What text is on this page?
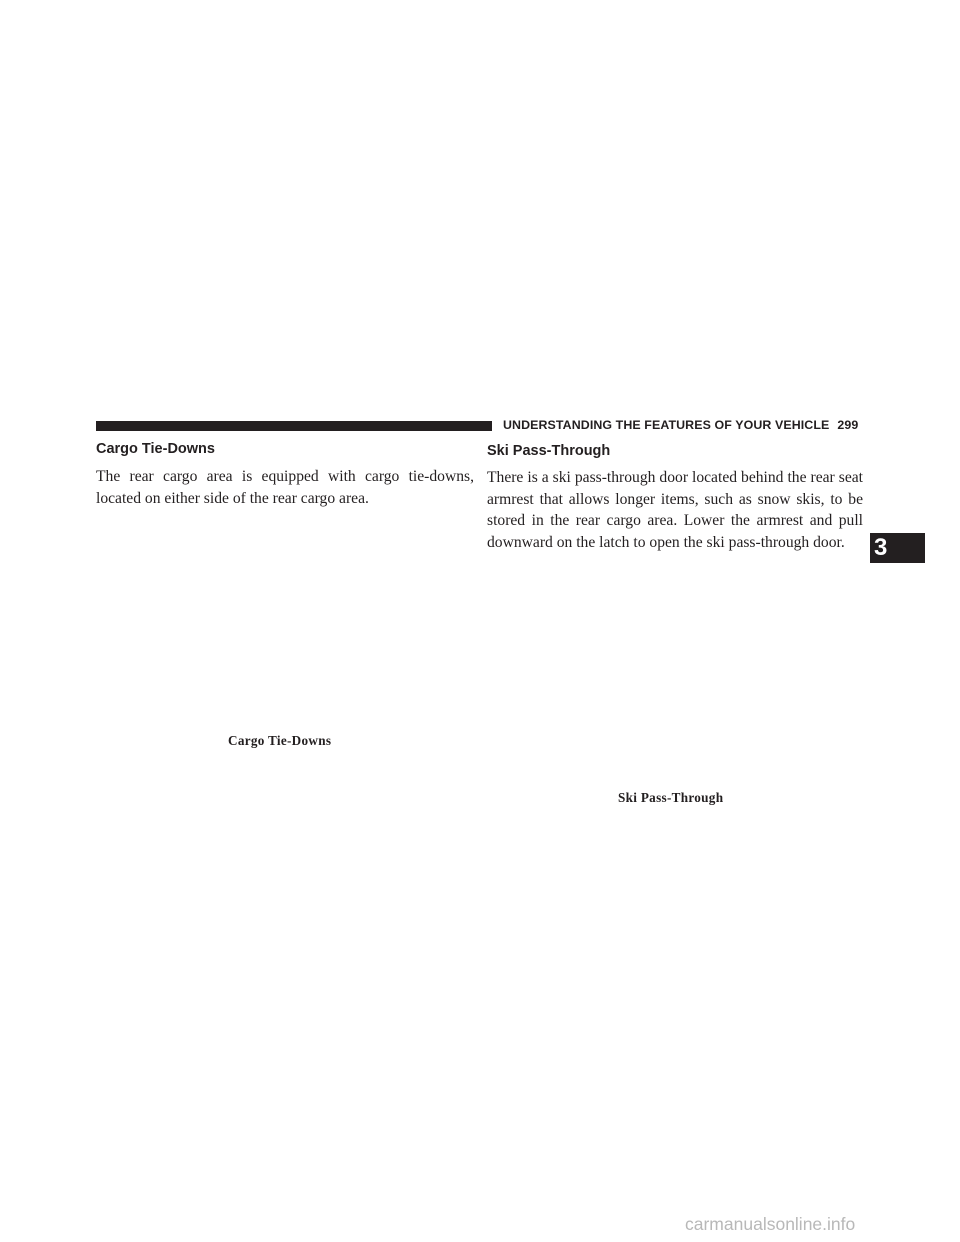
UNDERSTANDING THE FEATURES OF YOUR VEHICLE 299
Cargo Tie-Downs

The rear cargo area is equipped with cargo tie-downs, located on either side of the rear cargo area.

Cargo Tie-Downs
Ski Pass-Through

There is a ski pass-through door located behind the rear seat armrest that allows longer items, such as snow skis, to be stored in the rear cargo area. Lower the armrest and pull downward on the latch to open the ski pass-through door.

Ski Pass-Through
3
carmanualsonline.info
